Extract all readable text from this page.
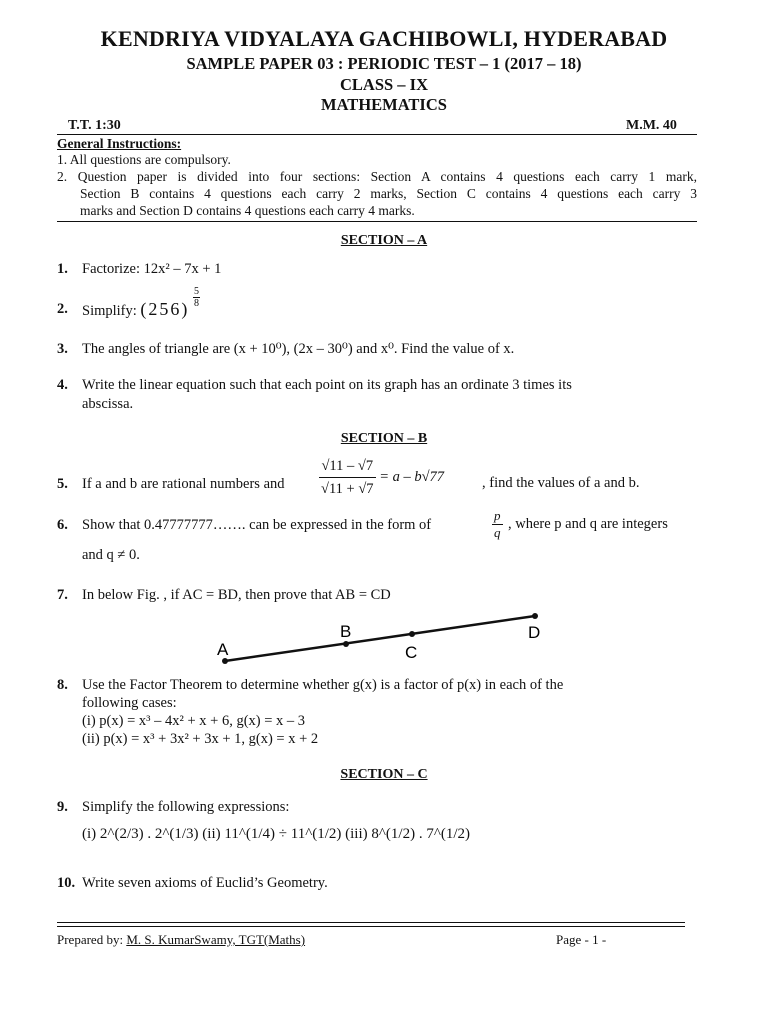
KENDRIYA VIDYALAYA GACHIBOWLI, HYDERABAD
SAMPLE PAPER 03 : PERIODIC TEST – 1 (2017 – 18)
CLASS – IX
MATHEMATICS
T.T. 1:30	M.M. 40
General Instructions:
1. All questions are compulsory.
2. Question paper is divided into four sections: Section A contains 4 questions each carry 1 mark,
Section B contains 4 questions each carry 2 marks, Section C contains 4 questions each carry 3
marks and Section D contains 4 questions each carry 4 marks.
SECTION – A
1. Factorize: 12x² – 7x + 1
2. Simplify: $(256) \frac{5}{8}$
3. The angles of triangle are (x + 10⁰), (2x – 30⁰) and x⁰. Find the value of x.
4. Write the linear equation such that each point on its graph has an ordinate 3 times its
abscissa.
SECTION – B
5. If a and b are rational numbers and	$\frac{√11 - √7}{√11 + √7} = a - b√77$	, find the values of a and b.
6. Show that 0.47777777……. can be expressed in the form of	$\frac{p}{q}$ , where p and q are integers
and q ≠ 0.
7. In below Fig. , if AC = BD, then prove that AB = CD
A
B
C
D
8. Use the Factor Theorem to determine whether g(x) is a factor of p(x) in each of the
following cases:
(i) p(x) = x³ – 4x² + x + 6, g(x) = x – 3
(ii) p(x) = x³ + 3x² + 3x + 1, g(x) = x + 2
SECTION – C
9. Simplify the following expressions:
(i) 2^(2/3) . 2^(1/3) (ii) 11^(1/4) ÷ 11^(1/2) (iii) 8^(1/2) . 7^(1/2)
10. Write seven axioms of Euclid’s Geometry.
Prepared by: M. S. KumarSwamy, TGT(Maths)	Page - 1 -
